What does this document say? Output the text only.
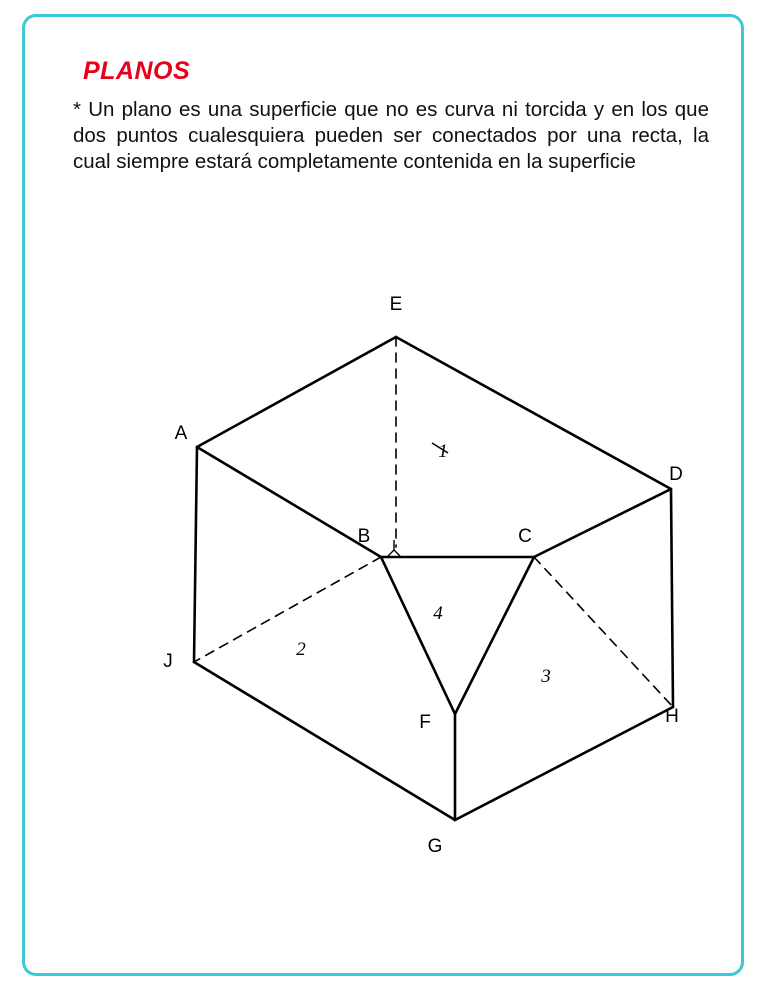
PLANOS
* Un plano es una superficie que no es curva ni torcida y en los que dos puntos cualesquiera pueden ser conectados por una recta, la cual siempre estará completamente contenida en la superficie
A
B	C
D
E
F
G
H
J
1
2
3
4
